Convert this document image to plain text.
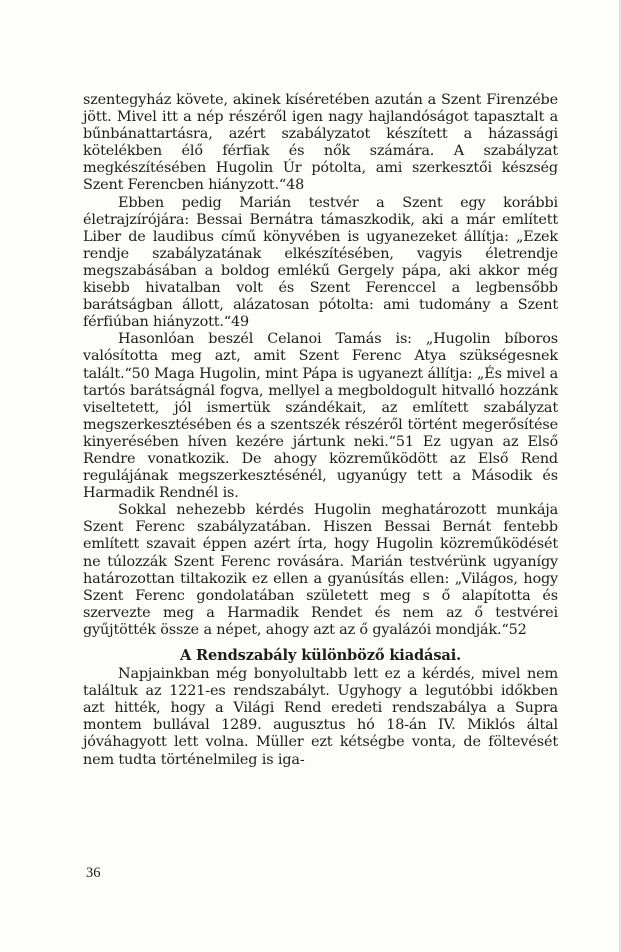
szentegyház követe, akinek kíséretében azután a Szent Firenzébe jött. Mivel itt a nép részéről igen nagy hajlandóságot tapasztalt a bűnbánattartásra, azért szabályzatot készített a házassági kötelékben élő férfiak és nők számára. A szabályzat megkészítésében Hugolin Úr pótolta, ami szerkesztői készség Szent Ferencben hiányzott.“48

Ebben pedig Marián testvér a Szent egy korábbi életrajzírójára: Bessai Bernátra támaszkodik, aki a már említett Liber de laudibus című könyvében is ugyanezeket állítja: „Ezek rendje szabályzatának elkészítésében, vagyis életrendje megszabásában a boldog emlékű Gergely pápa, aki akkor még kisebb hivatalban volt és Szent Ferenccel a legbensőbb barátságban állott, alázatosan pótolta: ami tudomány a Szent férfiúban hiányzott.“49

Hasonlóan beszél Celanoi Tamás is: „Hugolin bíboros valósította meg azt, amit Szent Ferenc Atya szükségesnek talált.“50 Maga Hugolin, mint Pápa is ugyanezt állítja: „És mivel a tartós barátságnál fogva, mellyel a megboldogult hitvalló hozzánk viseltetett, jól ismertük szándékait, az említett szabályzat megszerkesztésében és a szentszék részéről történt megerősítése kinyerésében híven kezére jártunk neki.“51 Ez ugyan az Első Rendre vonatkozik. De ahogy közreműködött az Első Rend reguláјának megszerkesztésénél, ugyanúgy tett a Második és Harmadik Rendnél is.

Sokkal nehezebb kérdés Hugolin meghatározott munkája Szent Ferenc szabályzatában. Hiszen Bessai Bernát fentebb említett szavait éppen azért írta, hogy Hugolin közreműködését ne túlozzák Szent Ferenc rovására. Marián testvérünk ugyanígy határozottan tiltakozik ez ellen a gyanúsítás ellen: „Világos, hogy Szent Ferenc gondolatában született meg s ő alapította és szervezte meg a Harmadik Rendet és nem az ő testvérei gyűjtötték össze a népet, ahogy azt az ő gyalázói mondják.“52

A Rendszabály különböző kiadásai.

Napjainkban még bonyolultabb lett ez a kérdés, mivel nem találtuk az 1221-es rendszabályt. Ugyhogy a legutóbbi időkben azt hitték, hogy a Világi Rend eredeti rendszabálya a Supra montem bullával 1289. augusztus hó 18-án IV. Miklós által jóváhagyott lett volna. Müller ezt kétségbe vonta, de föltevését nem tudta történelmileg is iga-

36
